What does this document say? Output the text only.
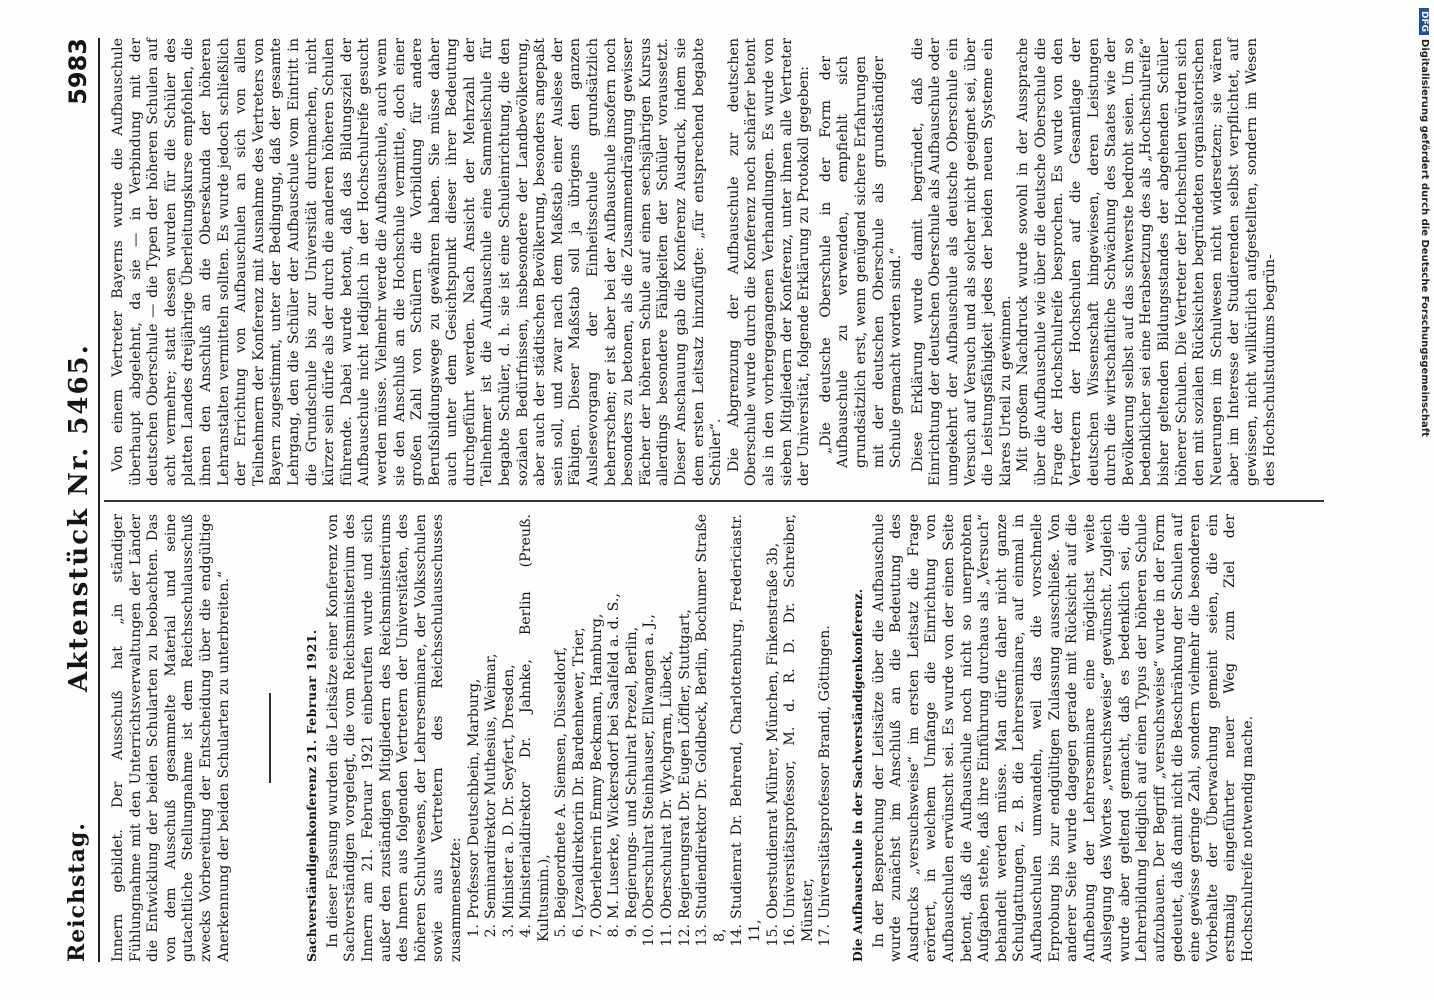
Reichstag.
Aktenstück Nr. 5465.
5983

Innern gebildet. Der Ausschuß hat „in ständiger Fühlungnahme mit den Unterrichtsverwaltungen der Länder die Entwicklung der beiden Schularten zu beobachten. Das von dem Ausschuß gesammelte Material und seine gutachtliche Stellungnahme ist dem Reichsschulausschuß zwecks Vorbereitung der Entscheidung über die endgültige Anerkennung der beiden Schularten zu unterbreiten.“	Sachverständigenkonferenz 21. Februar 1921. In dieser Fassung wurden die Leitsätze einer Konferenz von Sachverständigen vorgelegt, die vom Reichsministerium des Innern am 21. Februar 1921 einberufen wurde und sich außer den zuständigen Mitgliedern des Reichsministeriums des Innern aus folgenden Vertretern der Universitäten, des höheren Schulwesens, der Lehrerseminare, der Volksschulen sowie aus Vertretern des Reichsschulausschusses zusammensetzte: 1.Professor Deutschbein, Marburg,
2.Seminardirektor Muthesius, Weimar,
3.Minister a. D. Dr. Seyfert, Dresden,
4.Ministerialdirektor Dr. Jahnke, Berlin (Preuß. Kultusmin.), 5.Beigeordnete A. Siemsen, Düsseldorf,
6.Lyzealdirektorin Dr. Bardenhewer, Trier,
7.Oberlehrerin Emmy Beckmann, Hamburg,
8.M. Luserke, Wickersdorf bei Saalfeld a. d. S.,
9.Regierungs- und Schulrat Prezel, Berlin,
10.Oberschulrat Steinhauser, Ellwangen a. J.,
11.Oberschulrat Dr. Wychgram, Lübeck,
12.Regierungsrat Dr. Eugen Löffler, Stuttgart,
13.Studiendirektor Dr. Goldbeck, Berlin, Bochumer Straße 8, 14.Studienrat Dr. Behrend, Charlottenburg, Fredericiastr. 11, 15.Oberstudienrat Mührer, München, Finkenstraße 3b,
16.Universitätsprofessor, M. d. R. D. Dr. Schreiber, Münster, 17.Universitätsprofessor Brandi, Göttingen. Die Aufbauschule in der Sachverständigenkonferenz. In der Besprechung der Leitsätze über die Aufbauschule wurde zunächst im Anschluß an die Bedeutung des Ausdrucks „versuchsweise“ im ersten Leitsatz die Frage erörtert, in welchem Umfange die Einrichtung von Aufbauschulen erwünscht sei. Es wurde von der einen Seite betont, daß die Aufbauschule noch nicht so unerprobten Aufgaben stehe, daß ihre Einführung durchaus als „Versuch“ behandelt werden müsse. Man dürfe daher nicht ganze Schulgattungen, z. B. die Lehrerseminare, auf einmal in Aufbauschulen umwandeln, weil das die vorschnelle Erprobung bis zur endgültigen Zulassung ausschließe. Von anderer Seite wurde dagegen gerade mit Rücksicht auf die Aufhebung der Lehrerseminare eine möglichst weite Auslegung des Wortes „versuchsweise“ gewünscht. Zugleich wurde aber geltend gemacht, daß es bedenklich sei, die Lehrerbildung lediglich auf einen Typus der höheren Schule aufzubauen. Der Begriff „versuchsweise“ wurde in der Form gedeutet, daß damit nicht die Beschränkung der Schulen auf eine gewisse geringe Zahl, sondern vielmehr die besonderen Vorbehalte der Überwachung gemeint seien, die ein erstmalig eingeführter neuer Weg zum Ziel der Hochschulreife notwendig mache.

Von einem Vertreter Bayerns wurde die Aufbauschule überhaupt abgelehnt, da sie — in Verbindung mit der deutschen Oberschule — die Typen der höheren Schulen auf acht vermehre; statt dessen wurden für die Schüler des platten Landes dreijährige Überleitungskurse empfohlen, die ihnen den Anschluß an die Obersekunda der höheren Lehranstalten vermitteln sollten. Es wurde jedoch schließlich der Errichtung von Aufbauschulen an sich von allen Teilnehmern der Konferenz mit Ausnahme des Vertreters von Bayern zugestimmt, unter der Bedingung, daß der gesamte Lehrgang, den die Schüler der Aufbauschule vom Eintritt in die Grundschule bis zur Universität durchmachen, nicht kürzer sein dürfe als der durch die anderen höheren Schulen führende. Dabei wurde betont, daß das Bildungsziel der Aufbauschule nicht lediglich in der Hochschulreife gesucht werden müsse. Vielmehr werde die Aufbauschule, auch wenn sie den Anschluß an die Hochschule vermittle, doch einer großen Zahl von Schülern die Vorbildung für andere Berufsbildungswege zu gewähren haben. Sie müsse daher auch unter dem Gesichtspunkt dieser ihrer Bedeutung durchgeführt werden. Nach Ansicht der Mehrzahl der Teilnehmer ist die Aufbauschule eine Sammelschule für begabte Schüler, d. h. sie ist eine Schuleinrichtung, die den sozialen Bedürfnissen, insbesondere der Landbevölkerung, aber auch der städtischen Bevölkerung, besonders angepaßt sein soll, und zwar nach dem Maßstab einer Auslese der Fähigen. Dieser Maßstab soll ja übrigens den ganzen Auslesevorgang der Einheitsschule grundsätzlich beherrschen; er ist aber bei der Aufbauschule insofern noch besonders zu betonen, als die Zusammendrängung gewisser Fächer der höheren Schule auf einen sechsjährigen Kursus allerdings besondere Fähigkeiten der Schüler voraussetzt. Dieser Anschauung gab die Konferenz Ausdruck, indem sie dem ersten Leitsatz hinzufügte: „für entsprechend begabte Schüler“. Die Abgrenzung der Aufbauschule zur deutschen Oberschule wurde durch die Konferenz noch schärfer betont als in den vorhergegangenen Verhandlungen. Es wurde von sieben Mitgliedern der Konferenz, unter ihnen alle Vertreter der Universität, folgende Erklärung zu Protokoll gegeben: „Die deutsche Oberschule in der Form der Aufbauschule zu verwenden, empfiehlt sich grundsätzlich erst, wenn genügend sichere Erfahrungen mit der deutschen Oberschule als grundständiger Schule gemacht worden sind.“ Diese Erklärung wurde damit begründet, daß die Einrichtung der deutschen Oberschule als Aufbauschule oder umgekehrt der Aufbauschule als deutsche Oberschule ein Versuch auf Versuch und als solcher nicht geeignet sei, über die Leistungsfähigkeit jedes der beiden neuen Systeme ein klares Urteil zu gewinnen. Mit großem Nachdruck wurde sowohl in der Aussprache über die Aufbauschule wie über die deutsche Oberschule die Frage der Hochschulreife besprochen. Es wurde von den Vertretern der Hochschulen auf die Gesamtlage der deutschen Wissenschaft hingewiesen, deren Leistungen durch die wirtschaftliche Schwächung des Staates wie der Bevölkerung selbst auf das schwerste bedroht seien. Um so bedenklicher sei eine Herabsetzung des als „Hochschulreife“ bisher geltenden Bildungsstandes der abgehenden Schüler höherer Schulen. Die Vertreter der Hochschulen würden sich den mit sozialen Rücksichten begründeten organisatorischen Neuerungen im Schulwesen nicht widersetzen; sie wären aber im Interesse der Studierenden selbst verpflichtet, auf gewissen, nicht willkürlich aufgestellten, sondern im Wesen des Hochschulstudiums begrün-

DFGDigitalisierung gefördert durch die Deutsche Forschungsgemeinschaft
